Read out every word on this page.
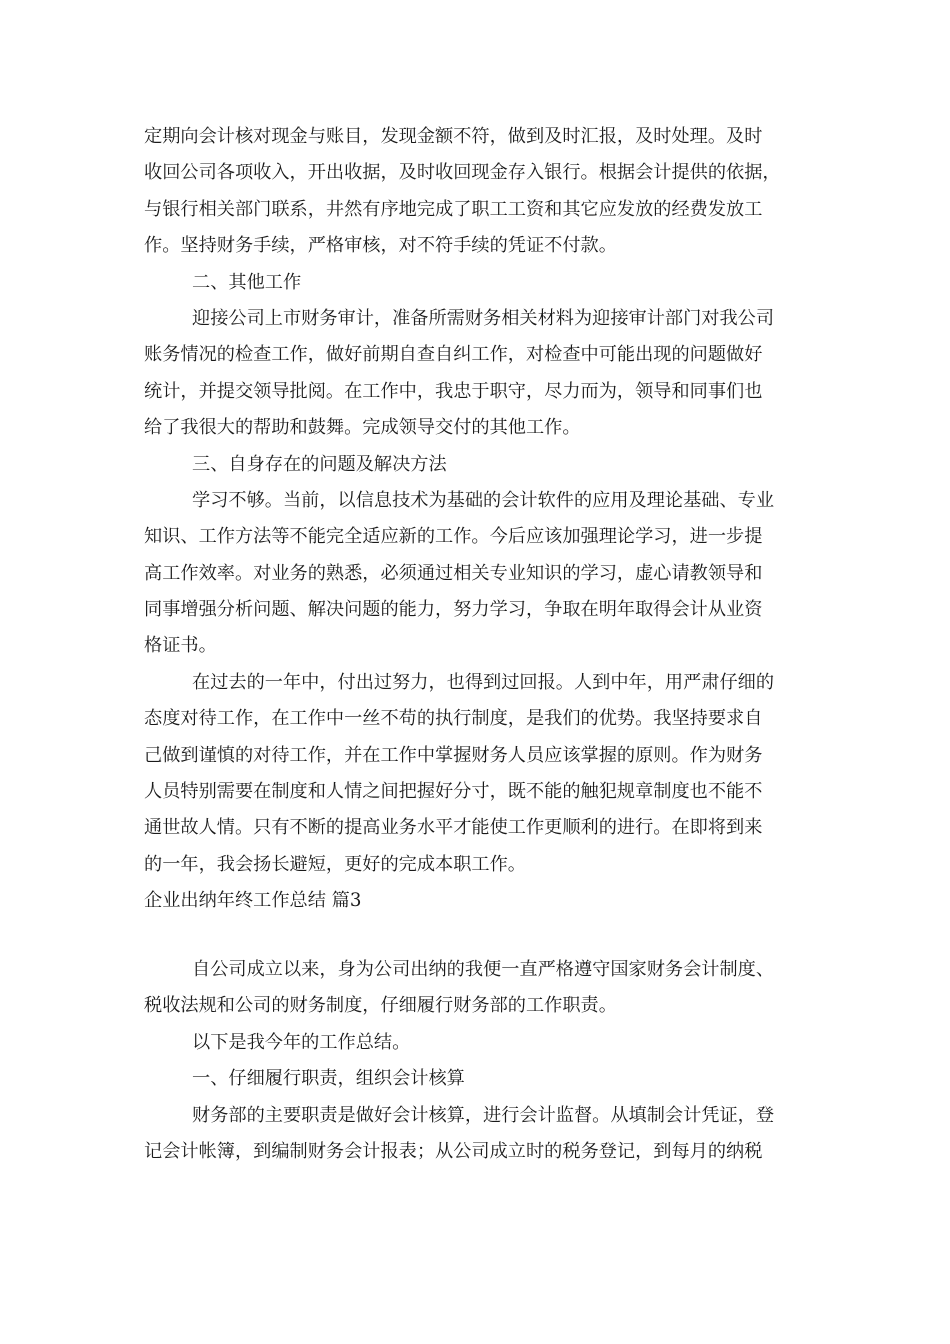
定期向会计核对现金与账目，发现金额不符，做到及时汇报，及时处理。及时
收回公司各项收入，开出收据，及时收回现金存入银行。根据会计提供的依据，
与银行相关部门联系，井然有序地完成了职工工资和其它应发放的经费发放工
作。坚持财务手续，严格审核，对不符手续的凭证不付款。
二、其他工作
迎接公司上市财务审计，准备所需财务相关材料为迎接审计部门对我公司
账务情况的检查工作，做好前期自查自纠工作，对检查中可能出现的问题做好
统计，并提交领导批阅。在工作中，我忠于职守，尽力而为，领导和同事们也
给了我很大的帮助和鼓舞。完成领导交付的其他工作。
三、自身存在的问题及解决方法
学习不够。当前，以信息技术为基础的会计软件的应用及理论基础、专业
知识、工作方法等不能完全适应新的工作。今后应该加强理论学习，进一步提
高工作效率。对业务的熟悉，必须通过相关专业知识的学习，虚心请教领导和
同事增强分析问题、解决问题的能力，努力学习，争取在明年取得会计从业资
格证书。
在过去的一年中，付出过努力，也得到过回报。人到中年，用严肃仔细的
态度对待工作，在工作中一丝不苟的执行制度，是我们的优势。我坚持要求自
己做到谨慎的对待工作，并在工作中掌握财务人员应该掌握的原则。作为财务
人员特别需要在制度和人情之间把握好分寸，既不能的触犯规章制度也不能不
通世故人情。只有不断的提高业务水平才能使工作更顺利的进行。在即将到来
的一年，我会扬长避短，更好的完成本职工作。
企业出纳年终工作总结 篇3
自公司成立以来，身为公司出纳的我便一直严格遵守国家财务会计制度、
税收法规和公司的财务制度，仔细履行财务部的工作职责。
以下是我今年的工作总结。
一、仔细履行职责，组织会计核算
财务部的主要职责是做好会计核算，进行会计监督。从填制会计凭证，登
记会计帐簿，到编制财务会计报表；从公司成立时的税务登记，到每月的纳税
